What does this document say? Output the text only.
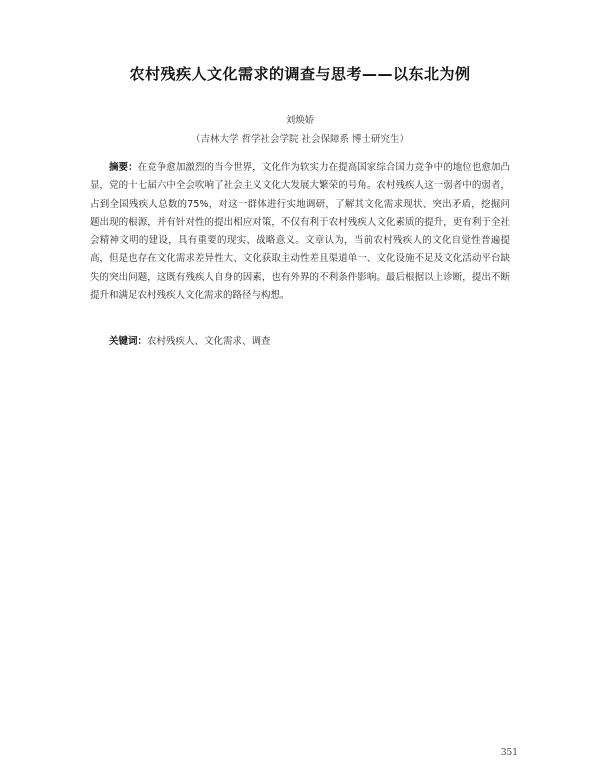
农村残疾人文化需求的调查与思考——以东北为例
刘焕娇
（吉林大学 哲学社会学院 社会保障系 博士研究生）

摘要：在竞争愈加激烈的当今世界，文化作为软实力在提高国家综合国力竞争中的地位也愈加凸显，党的十七届六中全会吹响了社会主义文化大发展大繁荣的号角。农村残疾人这一弱者中的弱者，占到全国残疾人总数的75%，对这一群体进行实地调研，了解其文化需求现状、突出矛盾，挖掘问题出现的根源，并有针对性的提出相应对策，不仅有利于农村残疾人文化素质的提升，更有利于全社会精神文明的建设，具有重要的现实、战略意义。文章认为，当前农村残疾人的文化自觉性普遍提高，但是也存在文化需求差异性大、文化获取主动性差且渠道单一、文化设施不足及文化活动平台缺失的突出问题，这既有残疾人自身的因素，也有外界的不利条件影响。最后根据以上诊断，提出不断提升和满足农村残疾人文化需求的路径与构想。

关键词：农村残疾人、文化需求、调查

351
